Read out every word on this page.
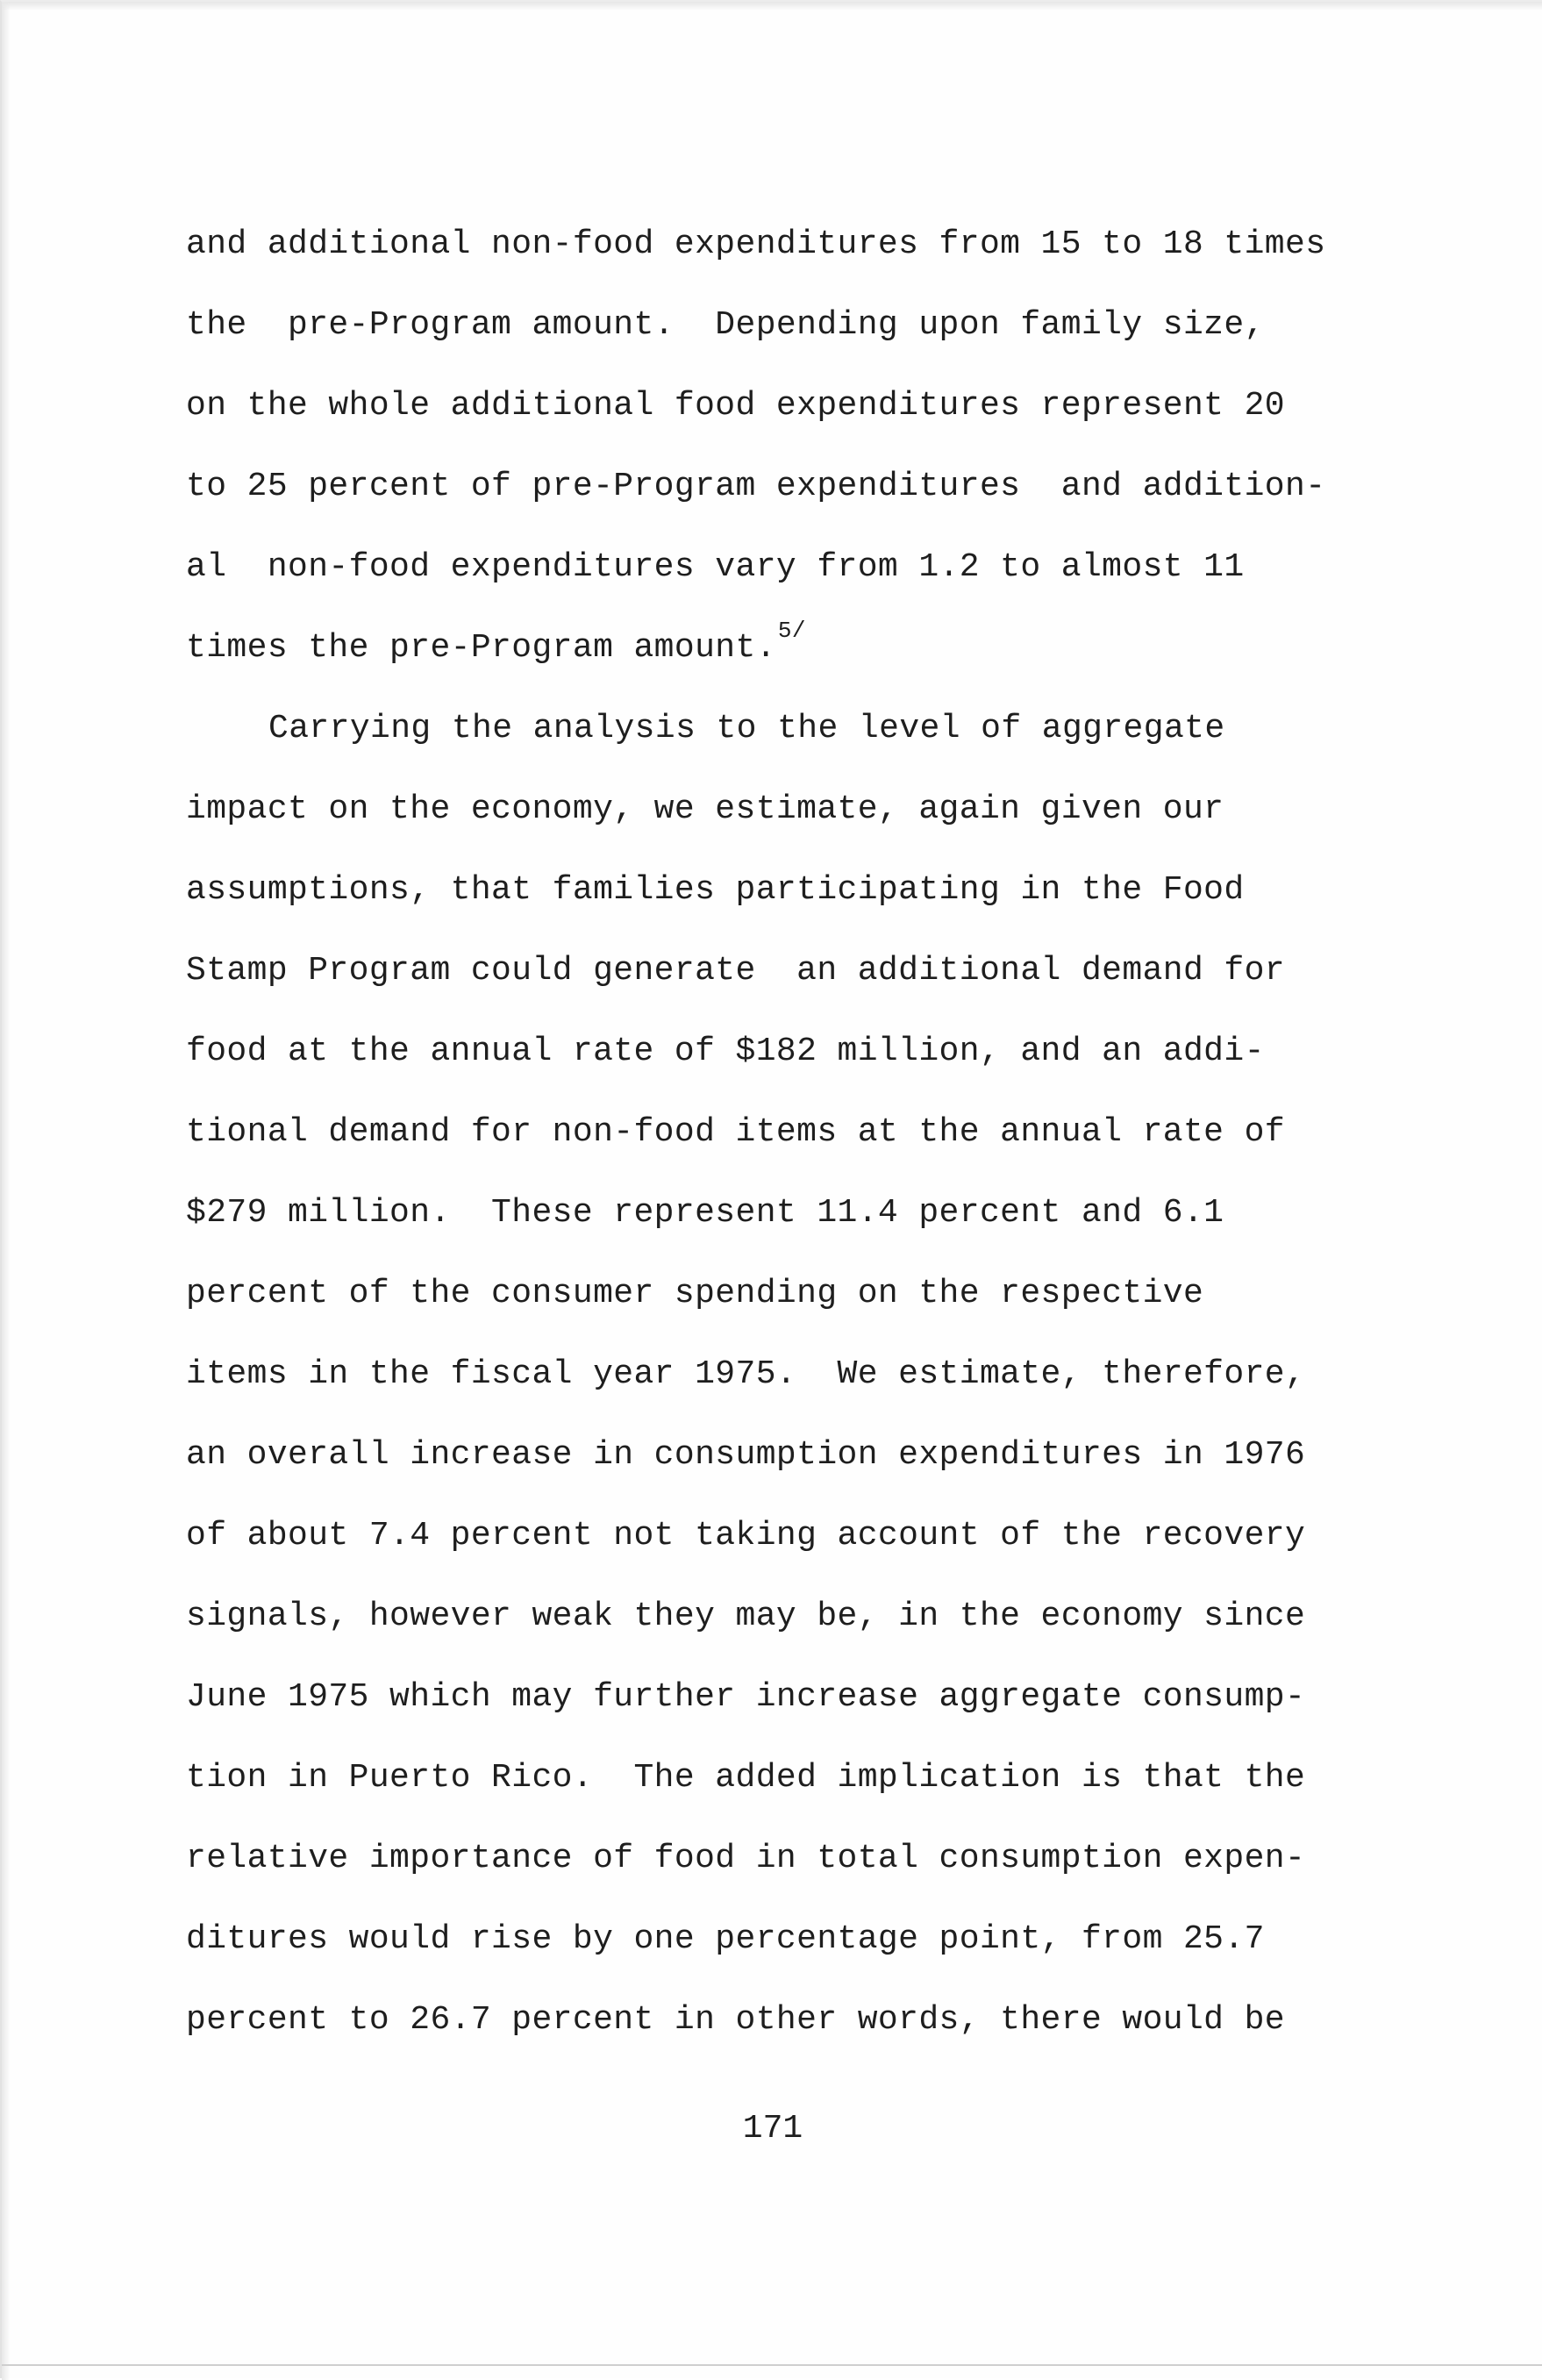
and additional non-food expenditures from 15 to 18 times
the  pre-Program amount.  Depending upon family size,
on the whole additional food expenditures represent 20
to 25 percent of pre-Program expenditures  and addition-
al  non-food expenditures vary from 1.2 to almost 11
times the pre-Program amount.$^{5/}$
Carrying the analysis to the level of aggregate
impact on the economy, we estimate, again given our
assumptions, that families participating in the Food
Stamp Program could generate  an additional demand for
food at the annual rate of $182 million, and an addi-
tional demand for non-food items at the annual rate of
$279 million.  These represent 11.4 percent and 6.1
percent of the consumer spending on the respective
items in the fiscal year 1975.  We estimate, therefore,
an overall increase in consumption expenditures in 1976
of about 7.4 percent not taking account of the recovery
signals, however weak they may be, in the economy since
June 1975 which may further increase aggregate consump-
tion in Puerto Rico.  The added implication is that the
relative importance of food in total consumption expen-
ditures would rise by one percentage point, from 25.7
percent to 26.7 percent in other words, there would be
171
